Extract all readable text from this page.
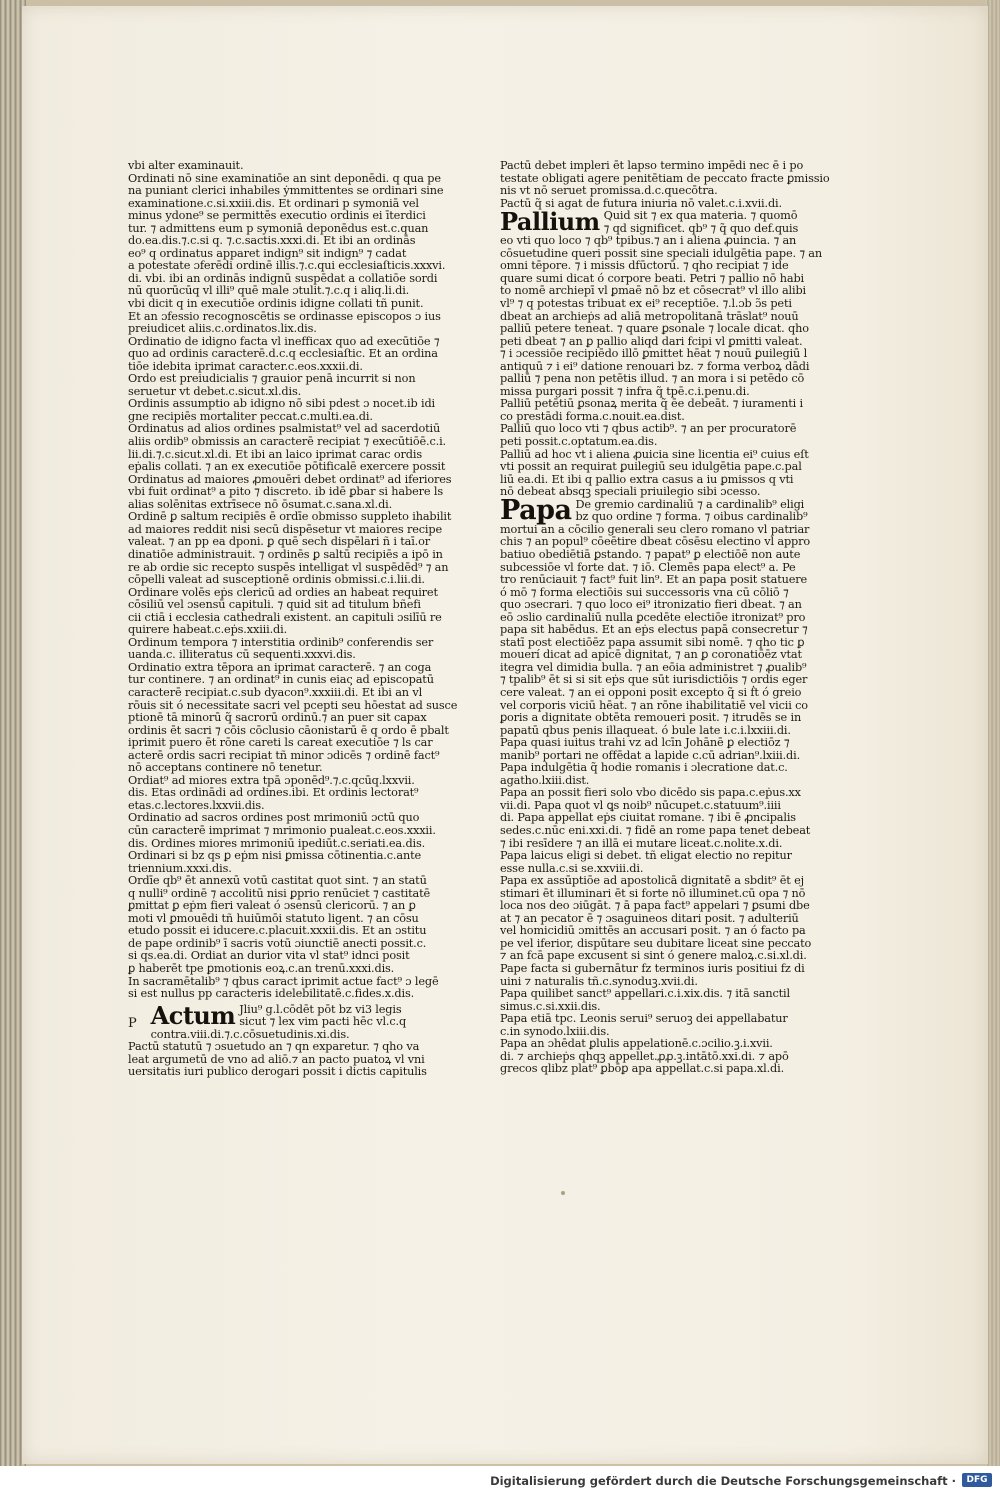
vbi alter examinauit.
Ordinati nō sine examinatiōe an sint deponēdi. q qua pe
na puniant clerici inhabiles ẏmmittentes se ordinari sine
examinatione.c.si.xxiii.dis. Et ordinari p symoniā vel
minus ydone⁹ se permittēs executio ordinis ei īterdici
tur. ⁊ admittens eum p symoniā deponēdus est.c.quan
do.ea.dis.⁊.c.si q. ⁊.c.sactis.xxxi.di. Et ibi an ordinās
eo⁹ q ordinatus apparet indign⁹ sit indign⁹ ⁊ cadat
a potestate ɔferēdi ordinē illis.⁊.c.qui ecclesiaſticis.xxxvi.
di. vbi. ibi an ordinās indignū suspēdat a collatiōe sordi
nū quorūcūq vl illi⁹ quē male ɔtulit.⁊.c.q i aliq.li.di.
vbi dicit q in executiōe ordinis idigne collati tñ punit.
Et an ɔfessio recognoscētis se ordinasse episcopos ɔ ius
preiudicet aliis.c.ordinatos.lix.dis.
Ordinatio de idigno facta vl inefficax quo ad execūtiōe ⁊
quo ad ordinis caracterē.d.c.q ecclesiaſtic. Et an ordina
tiōe idebita iprimat caracter.c.eos.xxxii.di.
Ordo est preiudicialis ⁊ grauior penā incurrit si non
seruetur vt debet.c.sicut.xl.dis.
Ordinis assumptio ab idigno nō sibi pdest ɔ nocet.ib idi
gne recipiēs mortaliter peccat.c.multi.ea.di.
Ordinatus ad alios ordines psalmistat⁹ vel ad sacerdotiū
aliis ordib⁹ obmissis an caracterē recipiat ⁊ execūtiōē.c.i.
lii.di.⁊.c.sicut.xl.di. Et ibi an laico iprimat carac ordis
eṗalis collati. ⁊ an ex executiōe pōtificalē exercere possit
Ordinatus ad maiores ꝓmouēri debet ordinat⁹ ad iferiores
vbi fuit ordinat⁹ a pito ⁊ discreto. ib idē ꝑbar si habere ls
alias solēnitas extrīsece nō ōsumat.c.sana.xl.di.
Ordinē ꝑ saltum recipiēs ē ordīe obmisso suppleto ihabilit
ad maiores reddit nisi secū dispēsetur vt maiores recipe
valeat. ⁊ an pp ea dponi. ꝑ quē sech dispēlari ñ i taī.or
dinatiōe administrauit. ⁊ ordinēs ꝑ saltū recipiēs a ipō in
re ab ordie sic recepto suspēs intelligat vl suspēdēd⁹ ⁊ an
cōpelli valeat ad susceptionē ordinis obmissi.c.i.lii.di.
Ordinare volēs eṗs clericū ad ordies an habeat requiret
cōsiliū vel ɔsensū capituli. ⁊ quid sit ad titulum bñefi
cii ctiā i ecclesia cathedrali existent. an capituli ɔsilīū re
quirere habeat.c.eṗs.xxiii.di.
Ordinum tempora ⁊ interstitia ordinib⁹ conferendis ser
uanda.c. illiteratus cū sequenti.xxxvi.dis.
Ordinatio extra tēpora an iprimat caracterē. ⁊ an coga
tur continere. ⁊ an ordinat⁹ in cunis eiaς ad episcopatū
caracterē recipiat.c.sub dyacon⁹.xxxiii.di. Et ibi an vl
rōuis sit ó necessitate sacri vel pcepti seu hōestat ad susce
ptionē tā minorū q̃ sacrorū ordinū.⁊ an puer sit capax
ordinis ēt sacri ⁊ cōis cōclusio cāonistarū ē q ordo ē pbalt
iprimit puero ēt rōne careti ls careat executiōe ⁊ ls car
acterē ordis sacri recipiat tñ minor ɔdicēs ⁊ ordinē fact⁹
nō acceptans continere nō tenetur.
Ordiat⁹ ad miores extra tpā ɔponēd⁹.⁊.c.qcūq.lxxvii.
dis. Etas ordinādi ad ordines.ibi. Et ordinis lectorat⁹
etas.c.lectores.lxxvii.dis.
Ordinatio ad sacros ordines post mrimoniū ɔctū quo
cūn caracterē imprimat ⁊ mrimonio pualeat.c.eos.xxxii.
dis. Ordines miores mrimoniū ipediūt.c.seriati.ea.dis.
Ordinari si bz qs ꝑ eṗm nisi ꝑmissa cōtinentia.c.ante
triennium.xxxi.dis.
Ordīe qb⁹ ēt annexū votū castitat quot sint. ⁊ an statū
q nulli⁹ ordinē ⁊ accolitū nisi ꝑprio renūciet ⁊ castitatē
ꝑmittat ꝑ eṗm fieri valeat ó ɔsensū clericorū. ⁊ an ꝑ
moti vl ꝑmouēdi tñ huiūmōi statuto ligent. ⁊ an cōsu
etudo possit ei iducere.c.placuit.xxxii.dis. Et an ɔstitu
de pape ordinib⁹ ī sacris votū ɔiunctiē anecti possit.c.
si qs.ea.di. Ordiat an durior vita vl stat⁹ idnci posit
ꝑ haberēt tpe ꝑmotionis eoꝝ.c.an trenū.xxxi.dis.
In sacramētalib⁹ ⁊ qbus caract iprimit actue fact⁹ ɔ legē
si est nullus pp caracteris idelebilitatē.c.fides.x.dis.
P Actum Jliu⁹ g.l.cōdēt pōt bz vi3 legis
sicut ⁊ lex vim pacti hēc vl.c.q
contra.viii.di.⁊.c.cōsuetudinis.xi.dis.
Pactū statutū ⁊ ɔsuetudo an ⁊ qn exparetur. ⁊ qho va
leat argumetū de vno ad aliō.⁊ an pacto puatoꝝ vl vni
uersitatis iuri publico derogari possit i dictis capitulis
Pactū debet impleri ēt lapso termino impēdi nec ē i po
testate obligati agere penitētiam de peccato fracte ꝑmissio
nis vt nō seruet promissa.d.c.quecōtra.
Pactū q̃ si agat de futura iniuria nō valet.c.i.xvii.di.
Pallium Quid sit ⁊ ex qua materia. ⁊ quomō
⁊ qd significet. qb⁹ ⁊ q̃ quo def.quis
eo vti quo loco ⁊ qb⁹ tpibus.⁊ an i aliena ꝓuincia. ⁊ an
cōsuetudine queri possit sine speciali idulgētia pape. ⁊ an
omni tēpore. ⁊ i missis dfūctorū. ⁊ qho recipiat ⁊ ide
quare sumi dicat ó corpore beati. Petri ⁊ pallio nō habi
to nomē archiepī vl ꝑmaē nō bz et cōsecrat⁹ vl illo alibi
vl⁹ ⁊ q potestas tribuat ex ei⁹ receptiōe. ⁊.l.ɔb ɔ̃s peti
dbeat an archieṗs ad aliā metropolitanā trāslat⁹ nouū
palliū petere teneat. ⁊ quare ꝑsonale ⁊ locale dicat. qho
peti dbeat ⁊ an ꝑ pallio aliqd dari fcipi vl ꝑmitti valeat.
⁊ i ɔcessiōe recipiēdo illō ꝑmittet hēat ⁊ nouū ꝑuilegiū l
antiquū ⁊ i ei⁹ datione renouari bz. ⁊ forma verboꝝ dādi
palliū ⁊ pena non petētis illud. ⁊ an mora i si petēdo cō
missa purgari possit ⁊ infra q̃ tpē.c.i.penu.di.
Palliū petētiū ꝑsonaꝝ merita q̃ ēe debeāt. ⁊ iuramenti i
co prestādi forma.c.nouit.ea.dist.
Palliū quo loco vti ⁊ qbus actib⁹. ⁊ an per procuratorē
peti possit.c.optatum.ea.dis.
Palliū ad hoc vt i aliena ꝓuicia sine licentia ei⁹ cuius eſt
vti possit an requirat ꝑuilegiū seu idulgētia pape.c.pal
liū ea.di. Et ibi q pallio extra casus a iu ꝑmissos q vti
nō debeat absqꝫ speciali priuilegio sibi ɔcesso.
Papa De gremio cardinaliū ⁊ a cardinalib⁹ eligi
bz quo ordine ⁊ forma. ⁊ oibus cardinalib⁹
mortui an a cōcilio generali seu clero romano vl patriar
chis ⁊ an popul⁹ cōeētire dbeat cōsēsu electino vl appro
batiuo obediētiā ꝑstando. ⁊ papat⁹ ꝑ electiōē non aute
subcessiōe vl forte dat. ⁊ iō. Clemēs papa elect⁹ a. Pe
tro renūciauit ⁊ fact⁹ fuit lin⁹. Et an papa posit statuere
ó mō ⁊ forma electiōis sui successoris vna cū cōliō ⁊
quo ɔsecrari. ⁊ quo loco ei⁹ itronizatio fieri dbeat. ⁊ an
eō ɔslio cardinaliū nulla ꝑcedēte electiōe itronizat⁹ pro
papa sit habēdus. Et an eṗs electus papā consecretur ⁊
statī post electiōēz papa assumit sibi nomē. ⁊ qho tic ꝑ
mouerí dicat ad apicē dignitat, ⁊ an ꝑ coronatiōēz vtat
itegra vel dimidia bulla. ⁊ an eōia administret ⁊ ꝓualib⁹
⁊ tpalib⁹ ēt si si sit eṗs que sūt iurisdictiōis ⁊ ordis eger
cere valeat. ⁊ an ei opponi posit excepto q̃ si ḟt ó greio
vel corporis viciū hēat. ⁊ an rōne ihabilitatiē vel vicii co
ꝑoris a dignitate obtēta remoueri posit. ⁊ itrudēs se in
papatū qbus penis illaqueat. ó bule late i.c.i.lxxiii.di.
Papa quasi iuitus trahi vz ad lcīn Johānē ꝑ electiōz ⁊
manib⁹ portari ne offēdat a lapide c.cū adrian⁹.lxiii.di.
Papa indulgētia q̃ hodie romanis i ɔlecratione dat.c.
agatho.lxiii.dist.
Papa an possit fieri solo vbo dicēdo sis papa.c.eṗus.xx
vii.di. Papa quot vl ꝗs noib⁹ nūcupet.c.statuum⁹.iiii
di. Papa appellat eṗs ciuitat romane. ⁊ ibi ē ꝓncipalis
sedes.c.nūc eni.xxi.di. ⁊ fidē an rome papa tenet debeat
⁊ ibi resīdere ⁊ an illā ei mutare liceat.c.nolite.x.di.
Papa laicus eligi si debet. tñ eligat electio no repitur
esse nulla.c.si se.xxviii.di.
Papa ex assūptiōe ad apostolicā dignitatē a sbdit⁹ ēt ej
stimari ēt illuminari ēt si forte nō illuminet.cū opa ⁊ nō
loca nos deo ɔiūgāt. ⁊ ā papa fact⁹ appelari ⁊ ꝑsumi dbe
at ⁊ an pecator ē ⁊ ɔsaguineos ditari posit. ⁊ adulteriū
vel homicidiū ɔmittēs an accusari posit. ⁊ an ó facto pa
pe vel iferior, dispūtare seu dubitare liceat sine peccato
⁊ an fcā pape excusent si sint ó genere maloꝝ.c.si.xl.di.
Pape facta si gubernātur fz terminos iuris positiui fz di
uini ⁊ naturalis tñ.c.synoduꝫ.xvii.di.
Papa quilibet sanct⁹ appellari.c.i.xix.dis. ⁊ itā sanctil
simus.c.si.xxii.dis.
Papa etiā tpc. Leonis serui⁹ seruoꝫ dei appellabatur
c.in synodo.lxiii.dis.
Papa an ɔhēdat ꝑlulis appelationē.c.ɔcilio.ꝫ.i.xvii.
di. ⁊ archieṗs qhqꝫ appellet.ꝓꝓ.ꝫ.intātō.xxi.di. ⁊ apō
grecos qlibz plat⁹ ꝑbōꝑ apa appellat.c.si papa.xl.di.
Digitalisierung gefördert durch die Deutsche Forschungsgemeinschaft ·	DFG
